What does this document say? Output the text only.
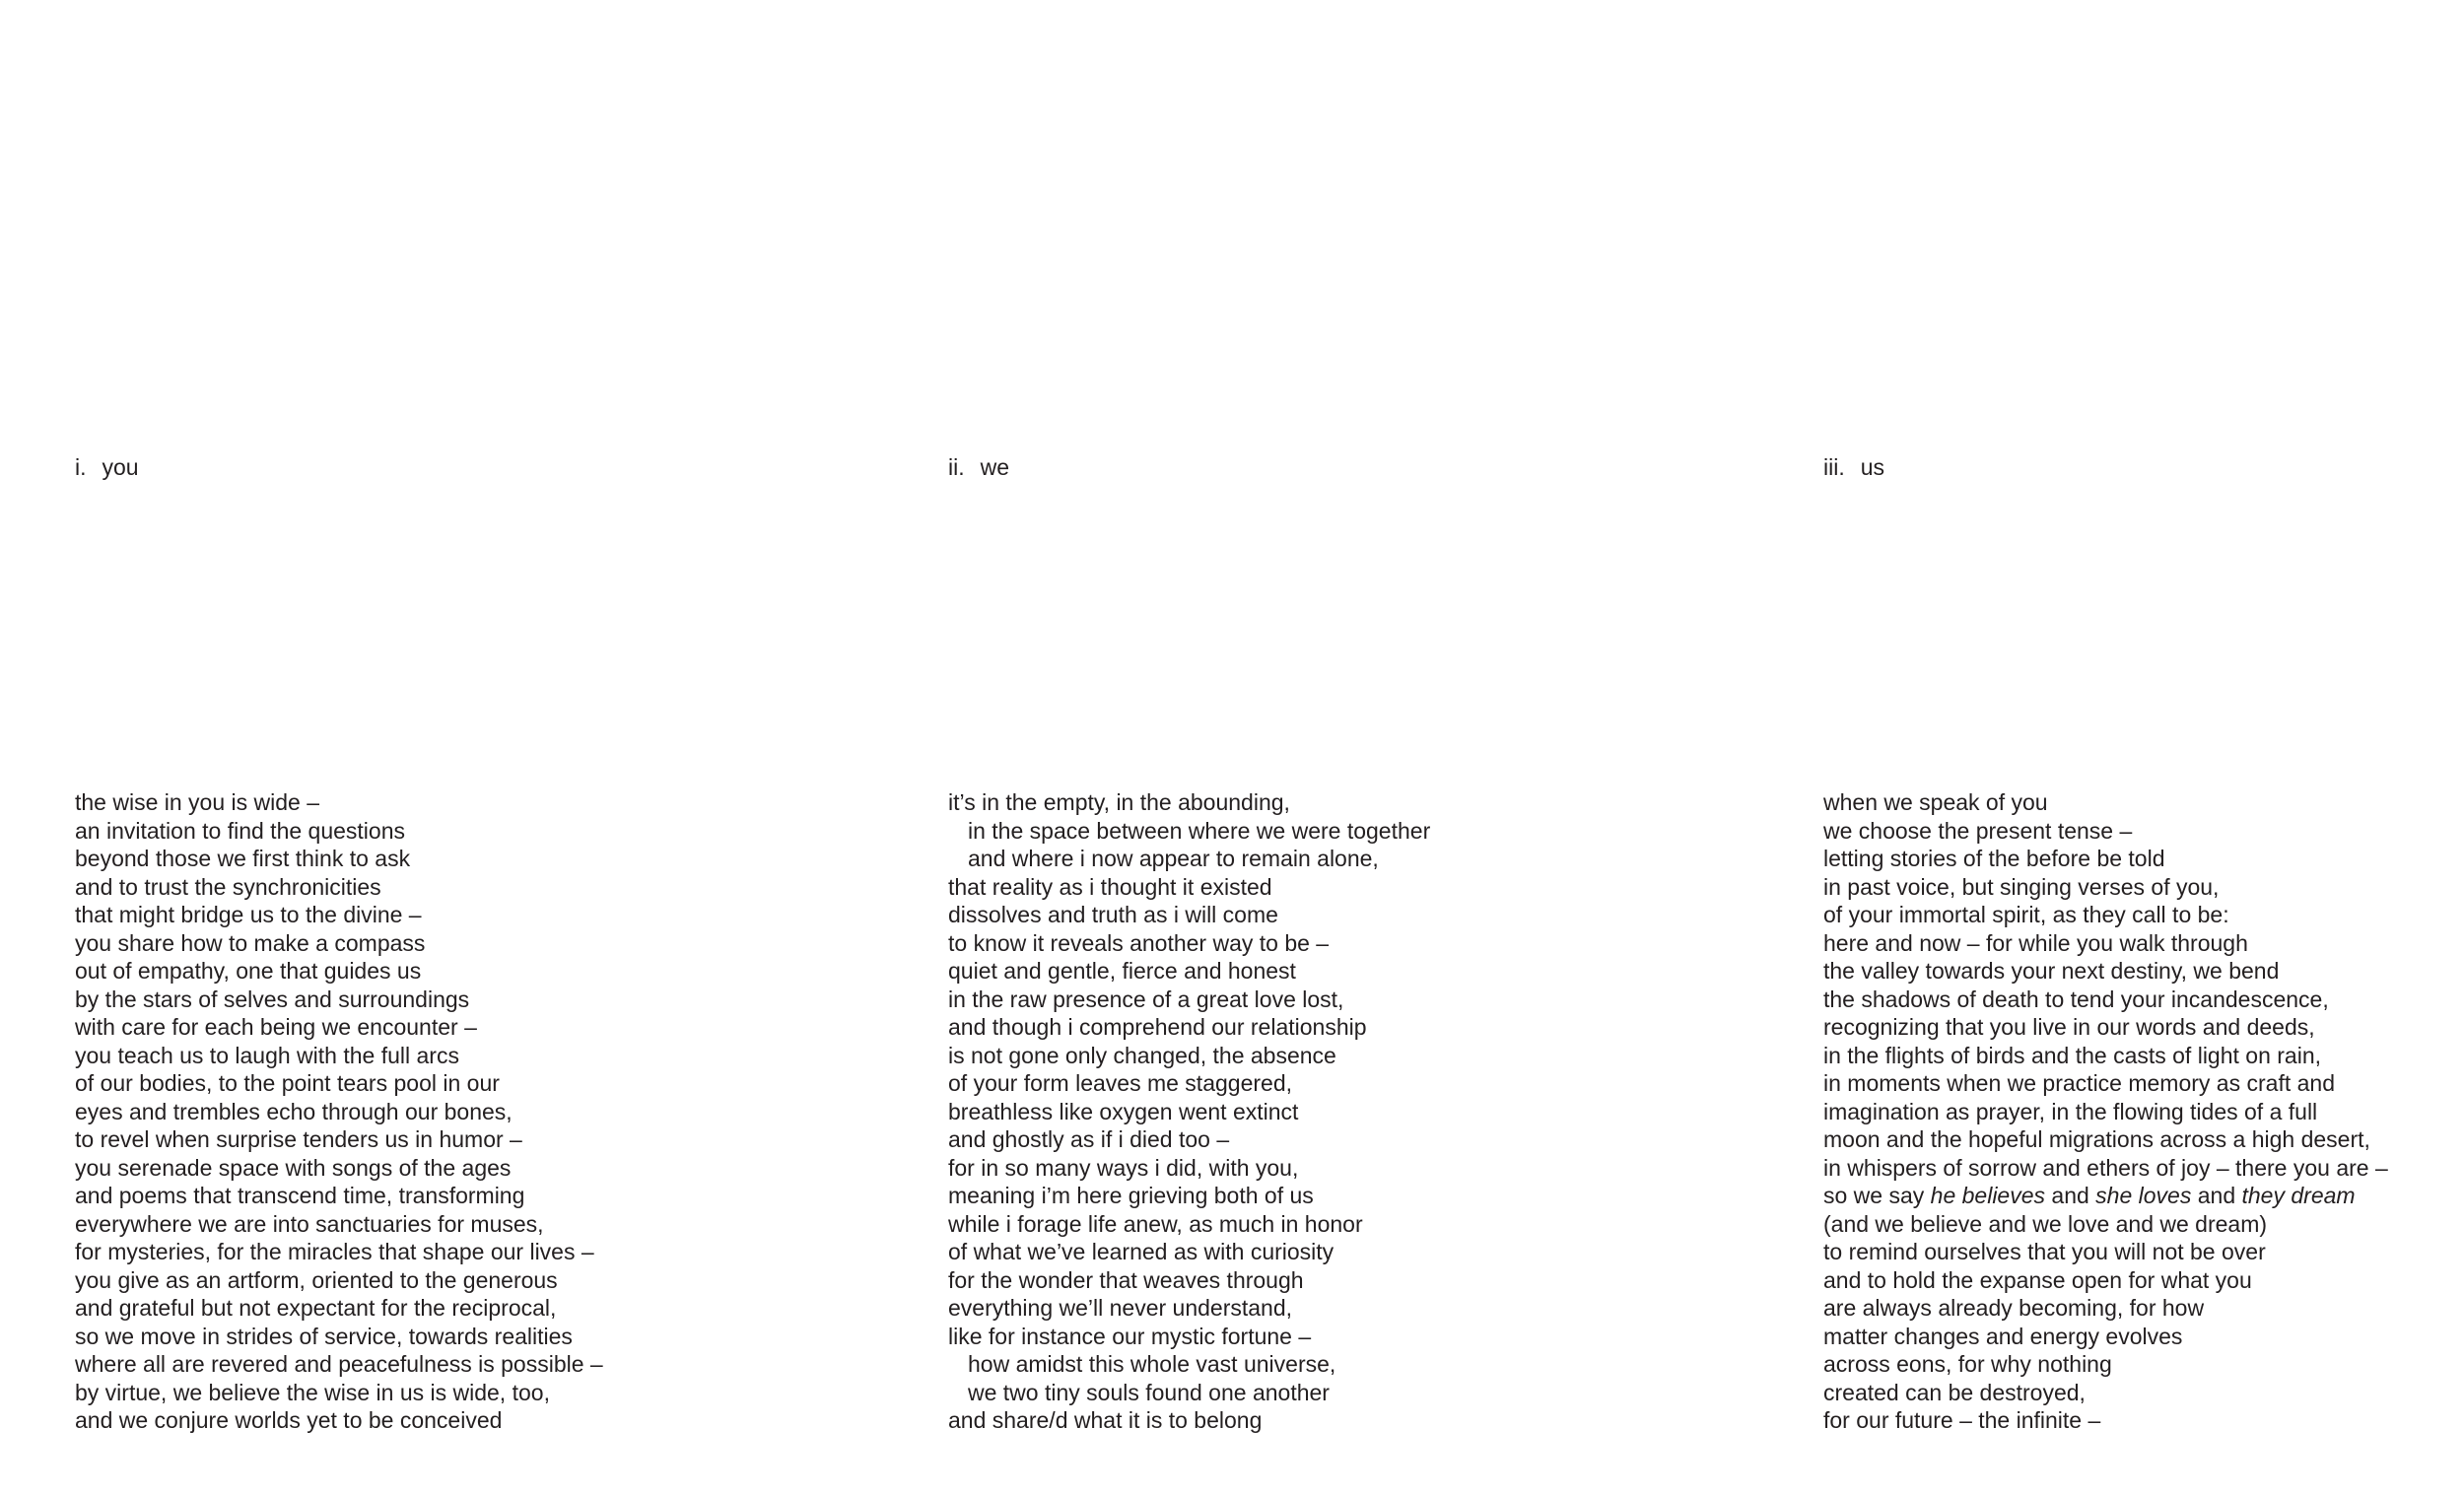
i. you
the wise in you is wide –
an invitation to find the questions
beyond those we first think to ask
and to trust the synchronicities
that might bridge us to the divine –
you share how to make a compass
out of empathy, one that guides us
by the stars of selves and surroundings
with care for each being we encounter –
you teach us to laugh with the full arcs
of our bodies, to the point tears pool in our
eyes and trembles echo through our bones,
to revel when surprise tenders us in humor –
you serenade space with songs of the ages
and poems that transcend time, transforming
everywhere we are into sanctuaries for muses,
for mysteries, for the miracles that shape our lives –
you give as an artform, oriented to the generous
and grateful but not expectant for the reciprocal,
so we move in strides of service, towards realities
where all are revered and peacefulness is possible –
by virtue, we believe the wise in us is wide, too,
and we conjure worlds yet to be conceived
ii. we
it’s in the empty, in the abounding,
in the space between where we were together
and where i now appear to remain alone,
that reality as i thought it existed
dissolves and truth as i will come
to know it reveals another way to be –
quiet and gentle, fierce and honest
in the raw presence of a great love lost,
and though i comprehend our relationship
is not gone only changed, the absence
of your form leaves me staggered,
breathless like oxygen went extinct
and ghostly as if i died too –
for in so many ways i did, with you,
meaning i’m here grieving both of us
while i forage life anew, as much in honor
of what we’ve learned as with curiosity
for the wonder that weaves through
everything we’ll never understand,
like for instance our mystic fortune –
how amidst this whole vast universe,
we two tiny souls found one another
and share/d what it is to belong
iii. us
when we speak of you
we choose the present tense –
letting stories of the before be told
in past voice, but singing verses of you,
of your immortal spirit, as they call to be:
here and now – for while you walk through
the valley towards your next destiny, we bend
the shadows of death to tend your incandescence,
recognizing that you live in our words and deeds,
in the flights of birds and the casts of light on rain,
in moments when we practice memory as craft and
imagination as prayer, in the flowing tides of a full
moon and the hopeful migrations across a high desert,
in whispers of sorrow and ethers of joy – there you are –
so we say he believes and she loves and they dream
(and we believe and we love and we dream)
to remind ourselves that you will not be over
and to hold the expanse open for what you
are always already becoming, for how
matter changes and energy evolves
across eons, for why nothing
created can be destroyed,
for our future – the infinite –
